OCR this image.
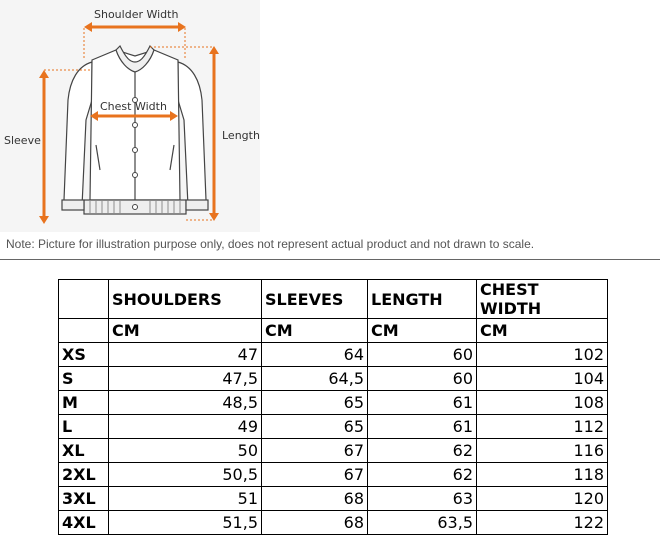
Shoulder Width
Chest Width
Sleeve	Length
Note: Picture for illustration purpose only, does not represent actual product and not drawn to scale.
	SHOULDERS	SLEEVES	LENGTH	CHEST WIDTH
	CM	CM	CM	CM
XS	47	64	60	102
S	47,5	64,5	60	104
M	48,5	65	61	108
L	49	65	61	112
XL	50	67	62	116
2XL	50,5	67	62	118
3XL	51	68	63	120
4XL	51,5	68	63,5	122
